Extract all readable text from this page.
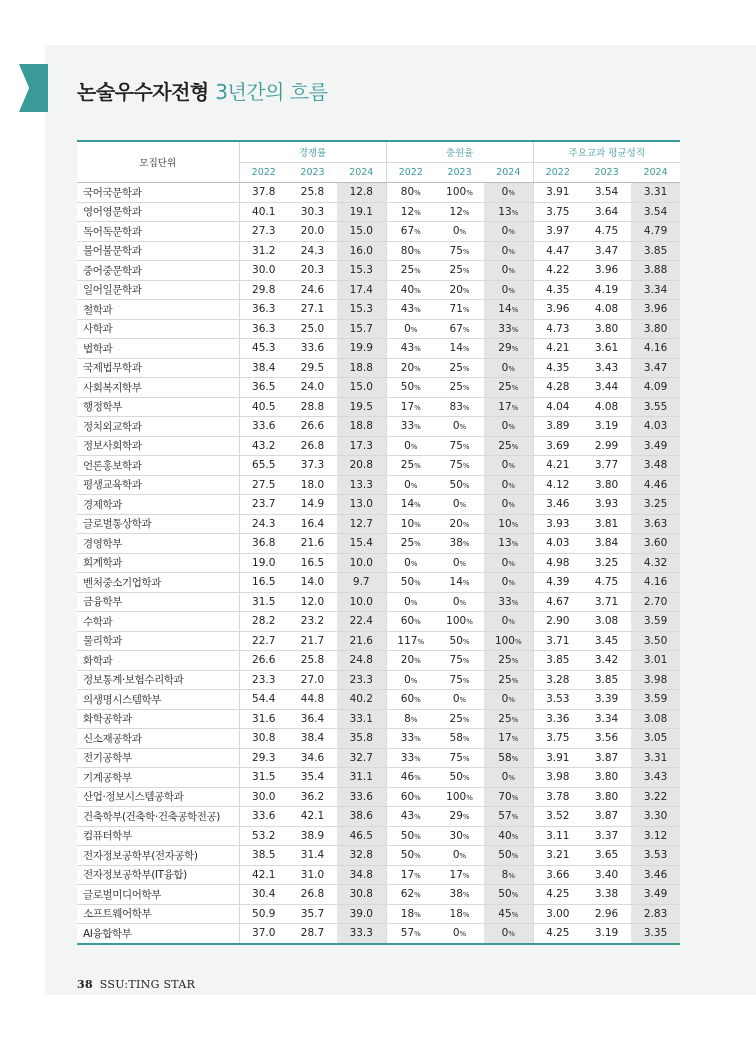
논술우수자전형 3년간의 흐름
모집단위	경쟁률			충원율			주요교과 평균성적		
	2022	2023	2024	2022	2023	2024	2022	2023	2024
국어국문학과	37.8	25.8	12.8	80%	100%	0%	3.91	3.54	3.31
영어영문학과	40.1	30.3	19.1	12%	12%	13%	3.75	3.64	3.54
독어독문학과	27.3	20.0	15.0	67%	0%	0%	3.97	4.75	4.79
불어불문학과	31.2	24.3	16.0	80%	75%	0%	4.47	3.47	3.85
중어중문학과	30.0	20.3	15.3	25%	25%	0%	4.22	3.96	3.88
일어일문학과	29.8	24.6	17.4	40%	20%	0%	4.35	4.19	3.34
철학과	36.3	27.1	15.3	43%	71%	14%	3.96	4.08	3.96
사학과	36.3	25.0	15.7	0%	67%	33%	4.73	3.80	3.80
법학과	45.3	33.6	19.9	43%	14%	29%	4.21	3.61	4.16
국제법무학과	38.4	29.5	18.8	20%	25%	0%	4.35	3.43	3.47
사회복지학부	36.5	24.0	15.0	50%	25%	25%	4.28	3.44	4.09
행정학부	40.5	28.8	19.5	17%	83%	17%	4.04	4.08	3.55
정치외교학과	33.6	26.6	18.8	33%	0%	0%	3.89	3.19	4.03
정보사회학과	43.2	26.8	17.3	0%	75%	25%	3.69	2.99	3.49
언론홍보학과	65.5	37.3	20.8	25%	75%	0%	4.21	3.77	3.48
평생교육학과	27.5	18.0	13.3	0%	50%	0%	4.12	3.80	4.46
경제학과	23.7	14.9	13.0	14%	0%	0%	3.46	3.93	3.25
글로벌통상학과	24.3	16.4	12.7	10%	20%	10%	3.93	3.81	3.63
경영학부	36.8	21.6	15.4	25%	38%	13%	4.03	3.84	3.60
회계학과	19.0	16.5	10.0	0%	0%	0%	4.98	3.25	4.32
벤처중소기업학과	16.5	14.0	9.7	50%	14%	0%	4.39	4.75	4.16
금융학부	31.5	12.0	10.0	0%	0%	33%	4.67	3.71	2.70
수학과	28.2	23.2	22.4	60%	100%	0%	2.90	3.08	3.59
물리학과	22.7	21.7	21.6	117%	50%	100%	3.71	3.45	3.50
화학과	26.6	25.8	24.8	20%	75%	25%	3.85	3.42	3.01
정보통계·보험수리학과	23.3	27.0	23.3	0%	75%	25%	3.28	3.85	3.98
의생명시스템학부	54.4	44.8	40.2	60%	0%	0%	3.53	3.39	3.59
화학공학과	31.6	36.4	33.1	8%	25%	25%	3.36	3.34	3.08
신소재공학과	30.8	38.4	35.8	33%	58%	17%	3.75	3.56	3.05
전기공학부	29.3	34.6	32.7	33%	75%	58%	3.91	3.87	3.31
기계공학부	31.5	35.4	31.1	46%	50%	0%	3.98	3.80	3.43
산업·정보시스템공학과	30.0	36.2	33.6	60%	100%	70%	3.78	3.80	3.22
건축학부(건축학·건축공학전공)	33.6	42.1	38.6	43%	29%	57%	3.52	3.87	3.30
컴퓨터학부	53.2	38.9	46.5	50%	30%	40%	3.11	3.37	3.12
전자정보공학부(전자공학)	38.5	31.4	32.8	50%	0%	50%	3.21	3.65	3.53
전자정보공학부(IT융합)	42.1	31.0	34.8	17%	17%	8%	3.66	3.40	3.46
글로벌미디어학부	30.4	26.8	30.8	62%	38%	50%	4.25	3.38	3.49
소프트웨어학부	50.9	35.7	39.0	18%	18%	45%	3.00	2.96	2.83
AI융합학부	37.0	28.7	33.3	57%	0%	0%	4.25	3.19	3.35
38 SSU:TING STAR
